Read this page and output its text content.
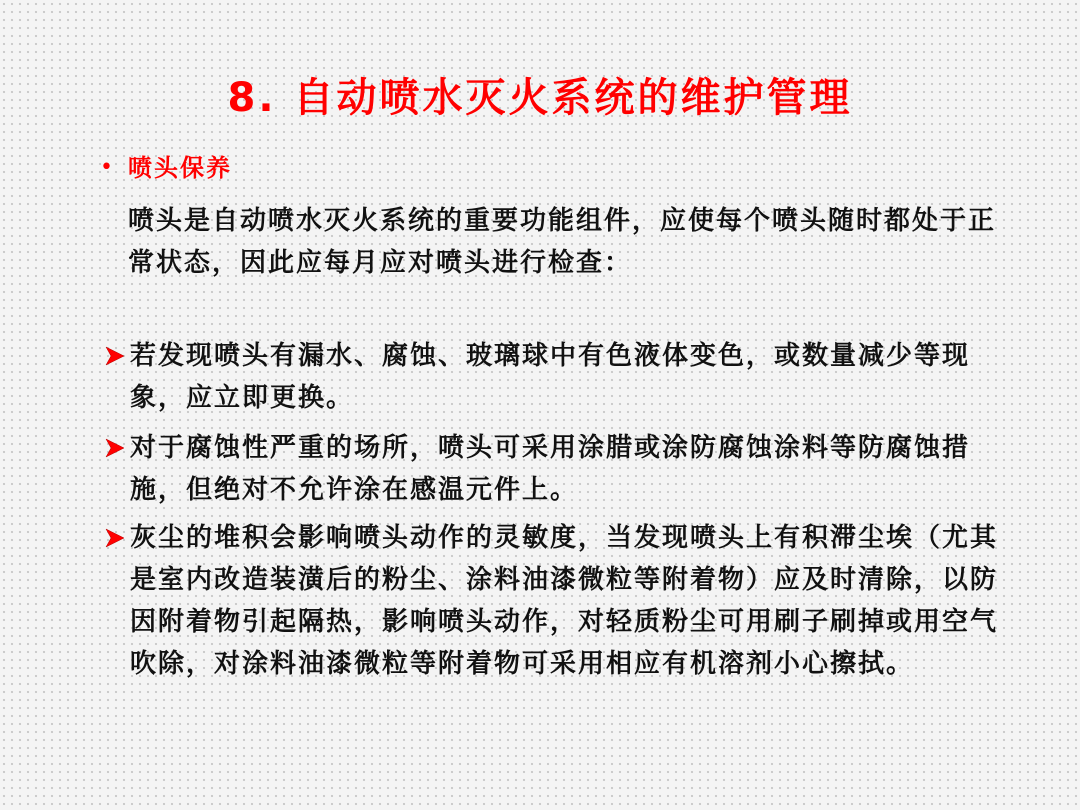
8. 自动喷水灭火系统的维护管理
• 喷头保养

喷头是自动喷水灭火系统的重要功能组件，应使每个喷头随时都处于正常状态，因此应每月应对喷头进行检查：

若发现喷头有漏水、腐蚀、玻璃球中有色液体变色，或数量减少等现象，应立即更换。

对于腐蚀性严重的场所，喷头可采用涂腊或涂防腐蚀涂料等防腐蚀措施，但绝对不允许涂在感温元件上。

灰尘的堆积会影响喷头动作的灵敏度，当发现喷头上有积滞尘埃（尤其是室内改造装潢后的粉尘、涂料油漆微粒等附着物）应及时清除，以防因附着物引起隔热，影响喷头动作，对轻质粉尘可用刷子刷掉或用空气吹除，对涂料油漆微粒等附着物可采用相应有机溶剂小心擦拭。
